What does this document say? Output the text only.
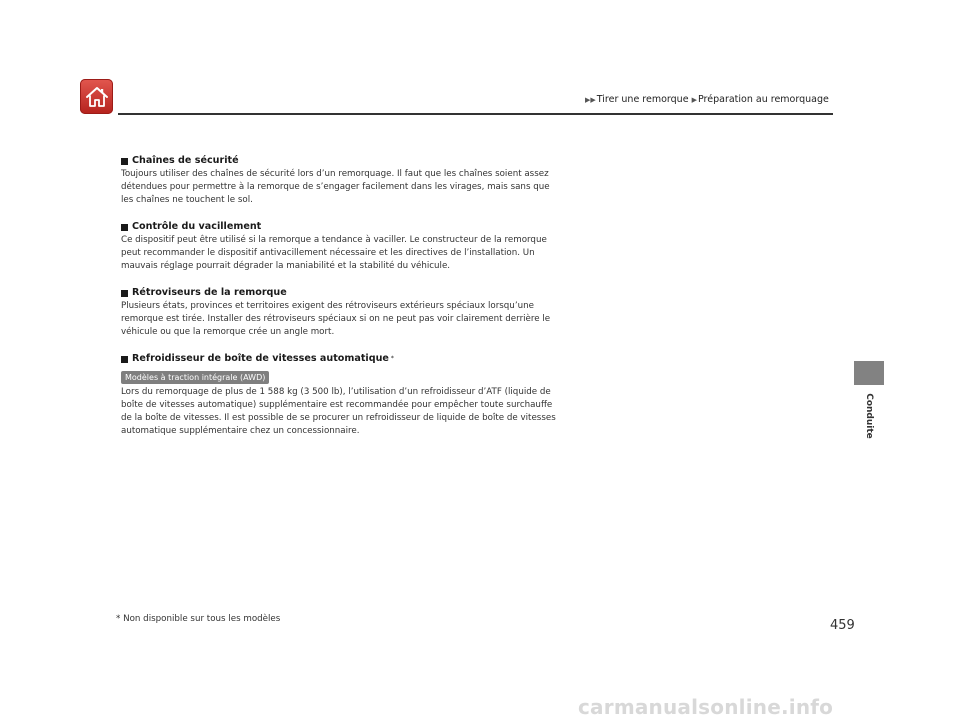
▶▶Tirer une remorque ▶Préparation au remorquage
Chaînes de sécurité
Toujours utiliser des chaînes de sécurité lors d’un remorquage. Il faut que les chaînes soient assez détendues pour permettre à la remorque de s’engager facilement dans les virages, mais sans que les chaînes ne touchent le sol.
Contrôle du vacillement
Ce dispositif peut être utilisé si la remorque a tendance à vaciller. Le constructeur de la remorque peut recommander le dispositif antivacillement nécessaire et les directives de l’installation. Un mauvais réglage pourrait dégrader la maniabilité et la stabilité du véhicule.
Rétroviseurs de la remorque
Plusieurs états, provinces et territoires exigent des rétroviseurs extérieurs spéciaux lorsqu’une remorque est tirée. Installer des rétroviseurs spéciaux si on ne peut pas voir clairement derrière le véhicule ou que la remorque crée un angle mort.
Refroidisseur de boîte de vitesses automatique *
Modèles à traction intégrale (AWD)
Lors du remorquage de plus de 1 588 kg (3 500 lb), l’utilisation d’un refroidisseur d’ATF (liquide de boîte de vitesses automatique) supplémentaire est recommandée pour empêcher toute surchauffe de la boîte de vitesses. Il est possible de se procurer un refroidisseur de liquide de boîte de vitesses automatique supplémentaire chez un concessionnaire.	Conduite
* Non disponible sur tous les modèles	459
carmanualsonline.info
